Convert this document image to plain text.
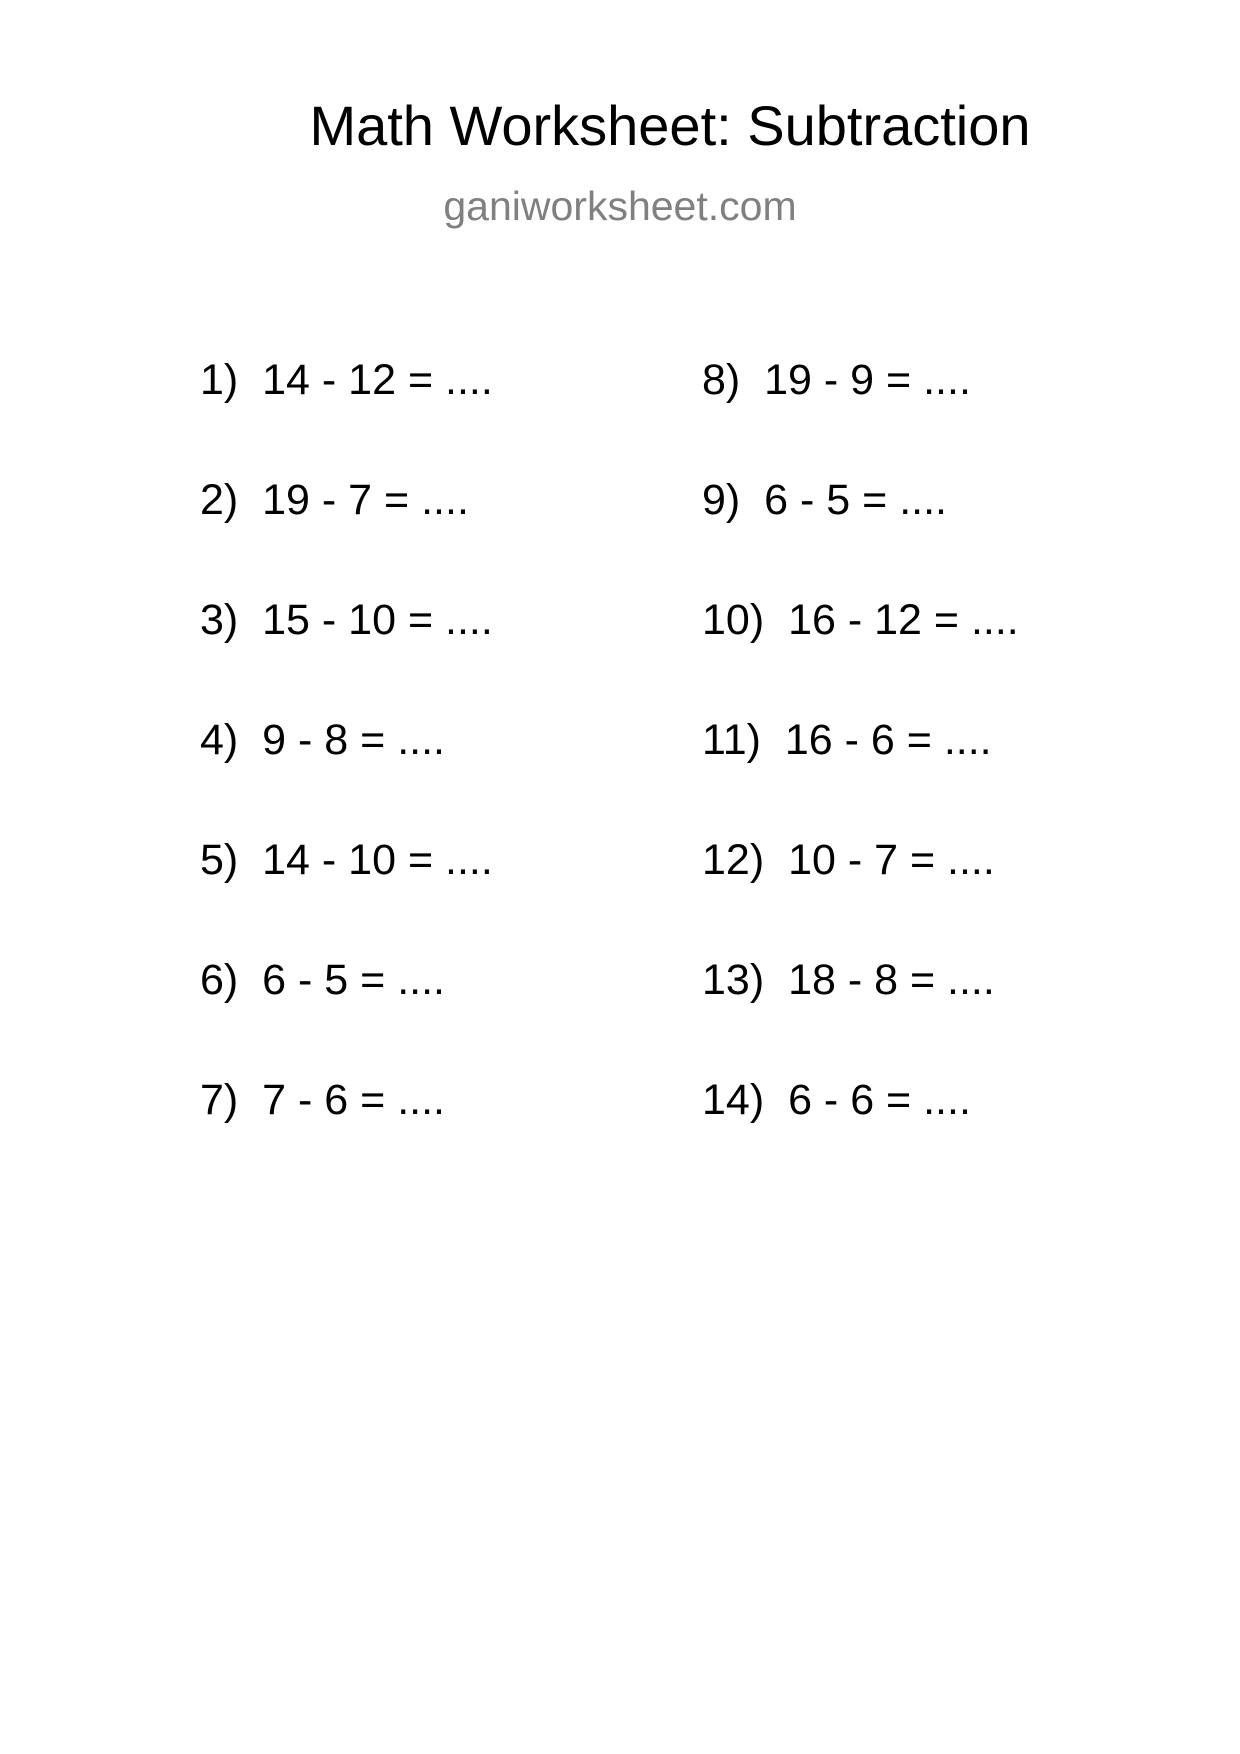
Math Worksheet: Subtraction
ganiworksheet.com
1) 14 - 12 = ....
2) 19 - 7 = ....
3) 15 - 10 = ....
4) 9 - 8 = ....
5) 14 - 10 = ....
6) 6 - 5 = ....
7) 7 - 6 = ....
8) 19 - 9 = ....
9) 6 - 5 = ....
10) 16 - 12 = ....
11) 16 - 6 = ....
12) 10 - 7 = ....
13) 18 - 8 = ....
14) 6 - 6 = ....
